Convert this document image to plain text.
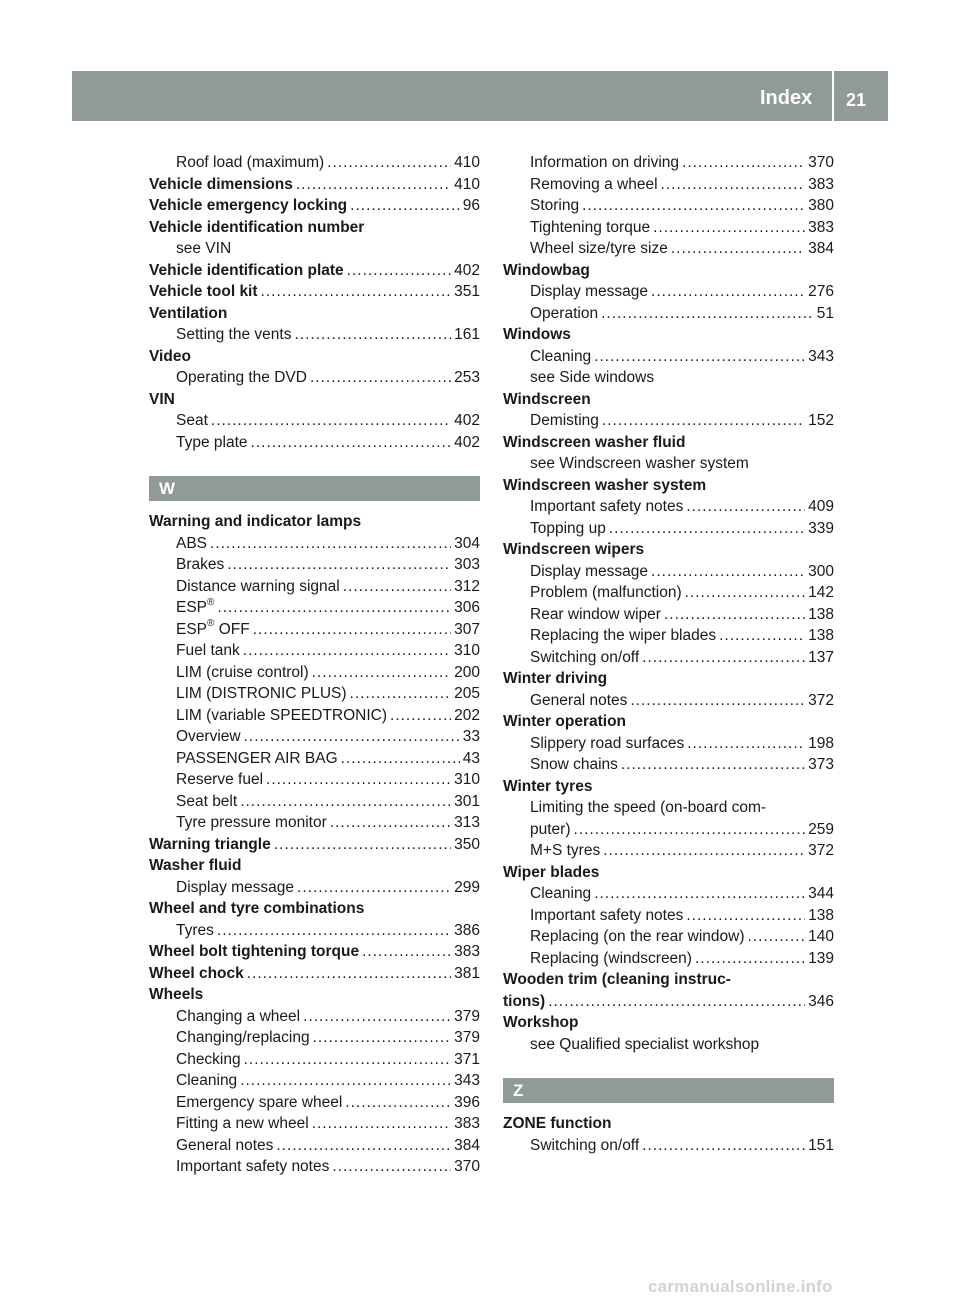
Index 21
Roof load (maximum) .....	410
Vehicle dimensions .....	410
Vehicle emergency locking .....	96
Vehicle identification number
see VIN
Vehicle identification plate .....	402
Vehicle tool kit .....	351
Ventilation
Setting the vents .....	161
Video
Operating the DVD .....	253
VIN
Seat .....	402
Type plate .....	402
W
Warning and indicator lamps
ABS .....	304
Brakes .....	303
Distance warning signal .....	312
ESP® .....	306
ESP® OFF .....	307
Fuel tank .....	310
LIM (cruise control) .....	200
LIM (DISTRONIC PLUS) .....	205
LIM (variable SPEEDTRONIC) .....	202
Overview .....	33
PASSENGER AIR BAG .....	43
Reserve fuel .....	310
Seat belt .....	301
Tyre pressure monitor .....	313
Warning triangle .....	350
Washer fluid
Display message .....	299
Wheel and tyre combinations
Tyres .....	386
Wheel bolt tightening torque .....	383
Wheel chock .....	381
Wheels
Changing a wheel .....	379
Changing/replacing .....	379
Checking .....	371
Cleaning .....	343
Emergency spare wheel .....	396
Fitting a new wheel .....	383
General notes .....	384
Important safety notes .....	370
Information on driving .....	370
Removing a wheel .....	383
Storing .....	380
Tightening torque .....	383
Wheel size/tyre size .....	384
Windowbag
Display message .....	276
Operation .....	51
Windows
Cleaning .....	343
see Side windows
Windscreen
Demisting .....	152
Windscreen washer fluid
see Windscreen washer system
Windscreen washer system
Important safety notes .....	409
Topping up .....	339
Windscreen wipers
Display message .....	300
Problem (malfunction) .....	142
Rear window wiper .....	138
Replacing the wiper blades .....	138
Switching on/off .....	137
Winter driving
General notes .....	372
Winter operation
Slippery road surfaces .....	198
Snow chains .....	373
Winter tyres
Limiting the speed (on-board com-
puter) .....	259
M+S tyres .....	372
Wiper blades
Cleaning .....	344
Important safety notes .....	138
Replacing (on the rear window) .....	140
Replacing (windscreen) .....	139
Wooden trim (cleaning instruc-
tions) .....	346
Workshop
see Qualified specialist workshop
Z
ZONE function
Switching on/off .....	151
carmanualsonline.info
